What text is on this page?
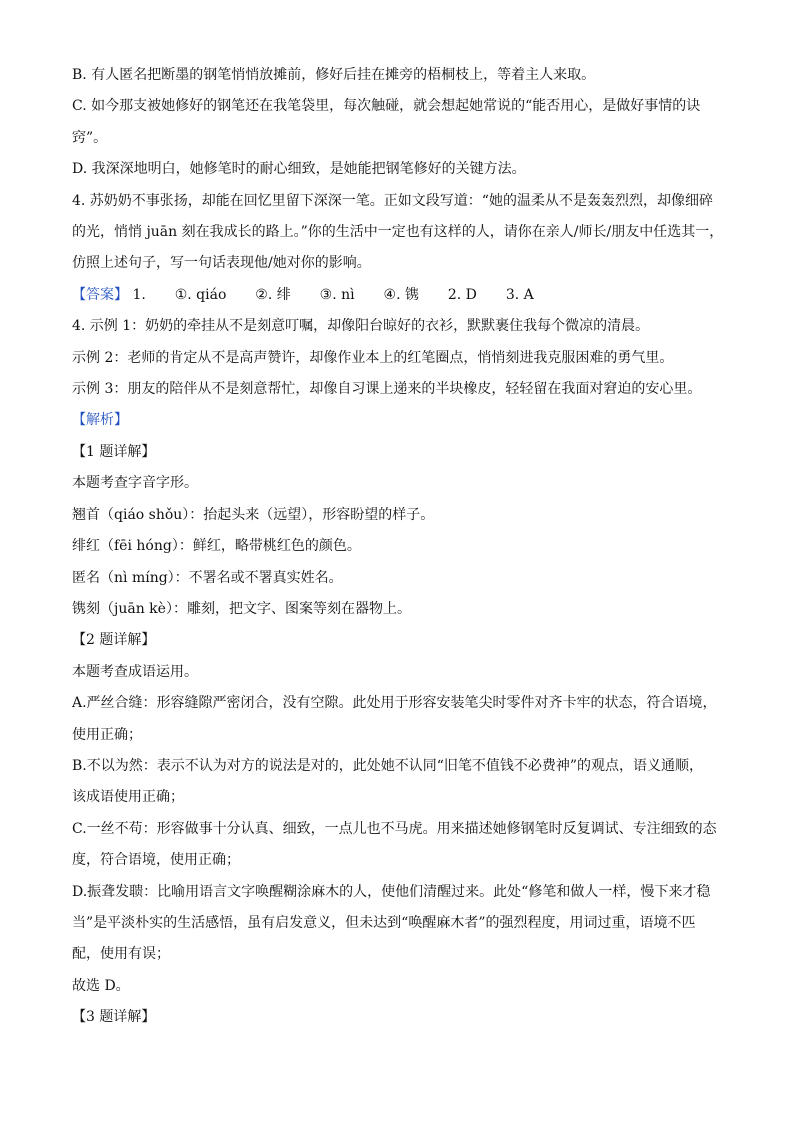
B. 有人匿名把断墨的钢笔悄悄放摊前，修好后挂在摊旁的梧桐枝上，等着主人来取。
C. 如今那支被她修好的钢笔还在我笔袋里，每次触碰，就会想起她常说的“能否用心，是做好事情的诀
窍”。
D. 我深深地明白，她修笔时的耐心细致，是她能把钢笔修好的关键方法。
4. 苏奶奶不事张扬，却能在回忆里留下深深一笔。正如文段写道：“她的温柔从不是轰轰烈烈，却像细碎
的光，悄悄 juān 刻在我成长的路上。”你的生活中一定也有这样的人，请你在亲人/师长/朋友中任选其一，
仿照上述句子，写一句话表现他/她对你的影响。
【答案】 1. ①. qiáo ②. 绯 ③. nì ④. 镌 2. D 3. A
4. 示例 1：奶奶的牵挂从不是刻意叮嘱，却像阳台晾好的衣衫，默默裹住我每个微凉的清晨。
示例 2：老师的肯定从不是高声赞许，却像作业本上的红笔圈点，悄悄刻进我克服困难的勇气里。
示例 3：朋友的陪伴从不是刻意帮忙，却像自习课上递来的半块橡皮，轻轻留在我面对窘迫的安心里。
【解析】
【1 题详解】
本题考查字音字形。
翘首（qiáo shǒu）：抬起头来（远望），形容盼望的样子。
绯红（fēi hóng）：鲜红，略带桃红色的颜色。
匿名（nì míng）：不署名或不署真实姓名。
镌刻（juān kè）：雕刻，把文字、图案等刻在器物上。
【2 题详解】
本题考查成语运用。
A.严丝合缝：形容缝隙严密闭合，没有空隙。此处用于形容安装笔尖时零件对齐卡牢的状态，符合语境，
使用正确；
B.不以为然：表示不认为对方的说法是对的，此处她不认同“旧笔不值钱不必费神”的观点，语义通顺，
该成语使用正确；
C.一丝不苟：形容做事十分认真、细致，一点儿也不马虎。用来描述她修钢笔时反复调试、专注细致的态
度，符合语境，使用正确；
D.振聋发聩：比喻用语言文字唤醒糊涂麻木的人，使他们清醒过来。此处“修笔和做人一样，慢下来才稳
当”是平淡朴实的生活感悟，虽有启发意义，但未达到“唤醒麻木者”的强烈程度，用词过重，语境不匹
配，使用有误；
故选 D。
【3 题详解】
